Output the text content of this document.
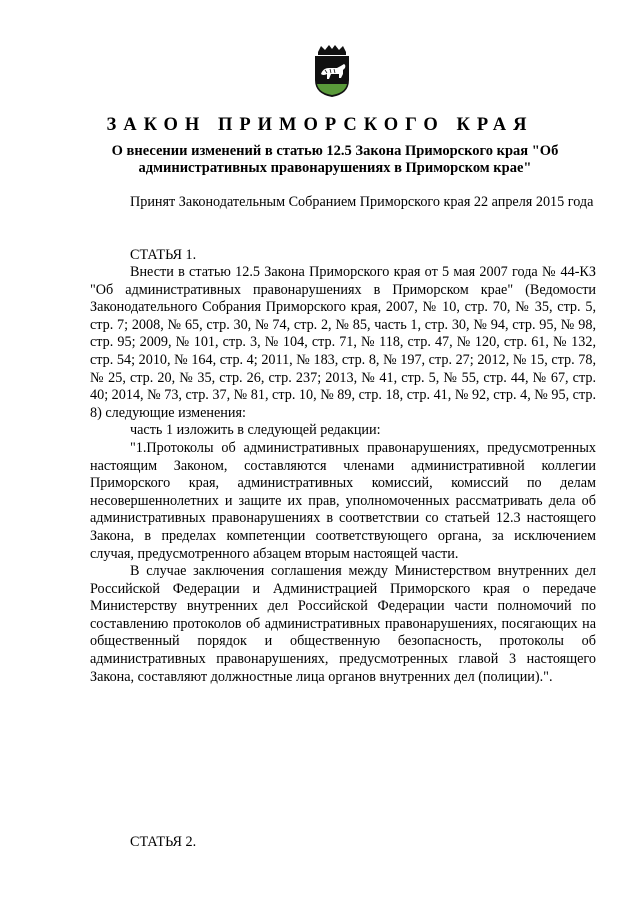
ЗАКОН ПРИМОРСКОГО КРАЯ
О внесении изменений в статью 12.5 Закона Приморского края "Об административных правонарушениях в Приморском крае"

Принят Законодательным Собранием Приморского края 22 апреля 2015 года

СТАТЬЯ 1.

Внести в статью 12.5 Закона Приморского края от 5 мая 2007 года № 44-КЗ "Об административных правонарушениях в Приморском крае" (Ведомости Законодательного Собрания Приморского края, 2007, № 10, стр. 70, № 35, стр. 5, стр. 7; 2008, № 65, стр. 30, № 74, стр. 2, № 85, часть 1, стр. 30, № 94, стр. 95, № 98, стр. 95; 2009, № 101, стр. 3, № 104, стр. 71, № 118, стр. 47, № 120, стр. 61, № 132, стр. 54; 2010, № 164, стр. 4; 2011, № 183, стр. 8, № 197, стр. 27; 2012, № 15, стр. 78, № 25, стр. 20, № 35, стр. 26, стр. 237; 2013, № 41, стр. 5, № 55, стр. 44, № 67, стр. 40; 2014, № 73, стр. 37, № 81, стр. 10, № 89, стр. 18, стр. 41, № 92, стр. 4, № 95, стр. 8) следующие изменения:

часть 1 изложить в следующей редакции:

"1.Протоколы об административных правонарушениях, предусмотренных настоящим Законом, составляются членами административной коллегии Приморского края, административных комиссий, комиссий по делам несовершеннолетних и защите их прав, уполномоченных рассматривать дела об административных правонарушениях в соответствии со статьей 12.3 настоящего Закона, в пределах компетенции соответствующего органа, за исключением случая, предусмотренного абзацем вторым настоящей части.

В случае заключения соглашения между Министерством внутренних дел Российской Федерации и Администрацией Приморского края о передаче Министерству внутренних дел Российской Федерации части полномочий по составлению протоколов об административных правонарушениях, посягающих на общественный порядок и общественную безопасность, протоколы об административных правонарушениях, предусмотренных главой 3 настоящего Закона, составляют должностные лица органов внутренних дел (полиции).".

СТАТЬЯ 2.
